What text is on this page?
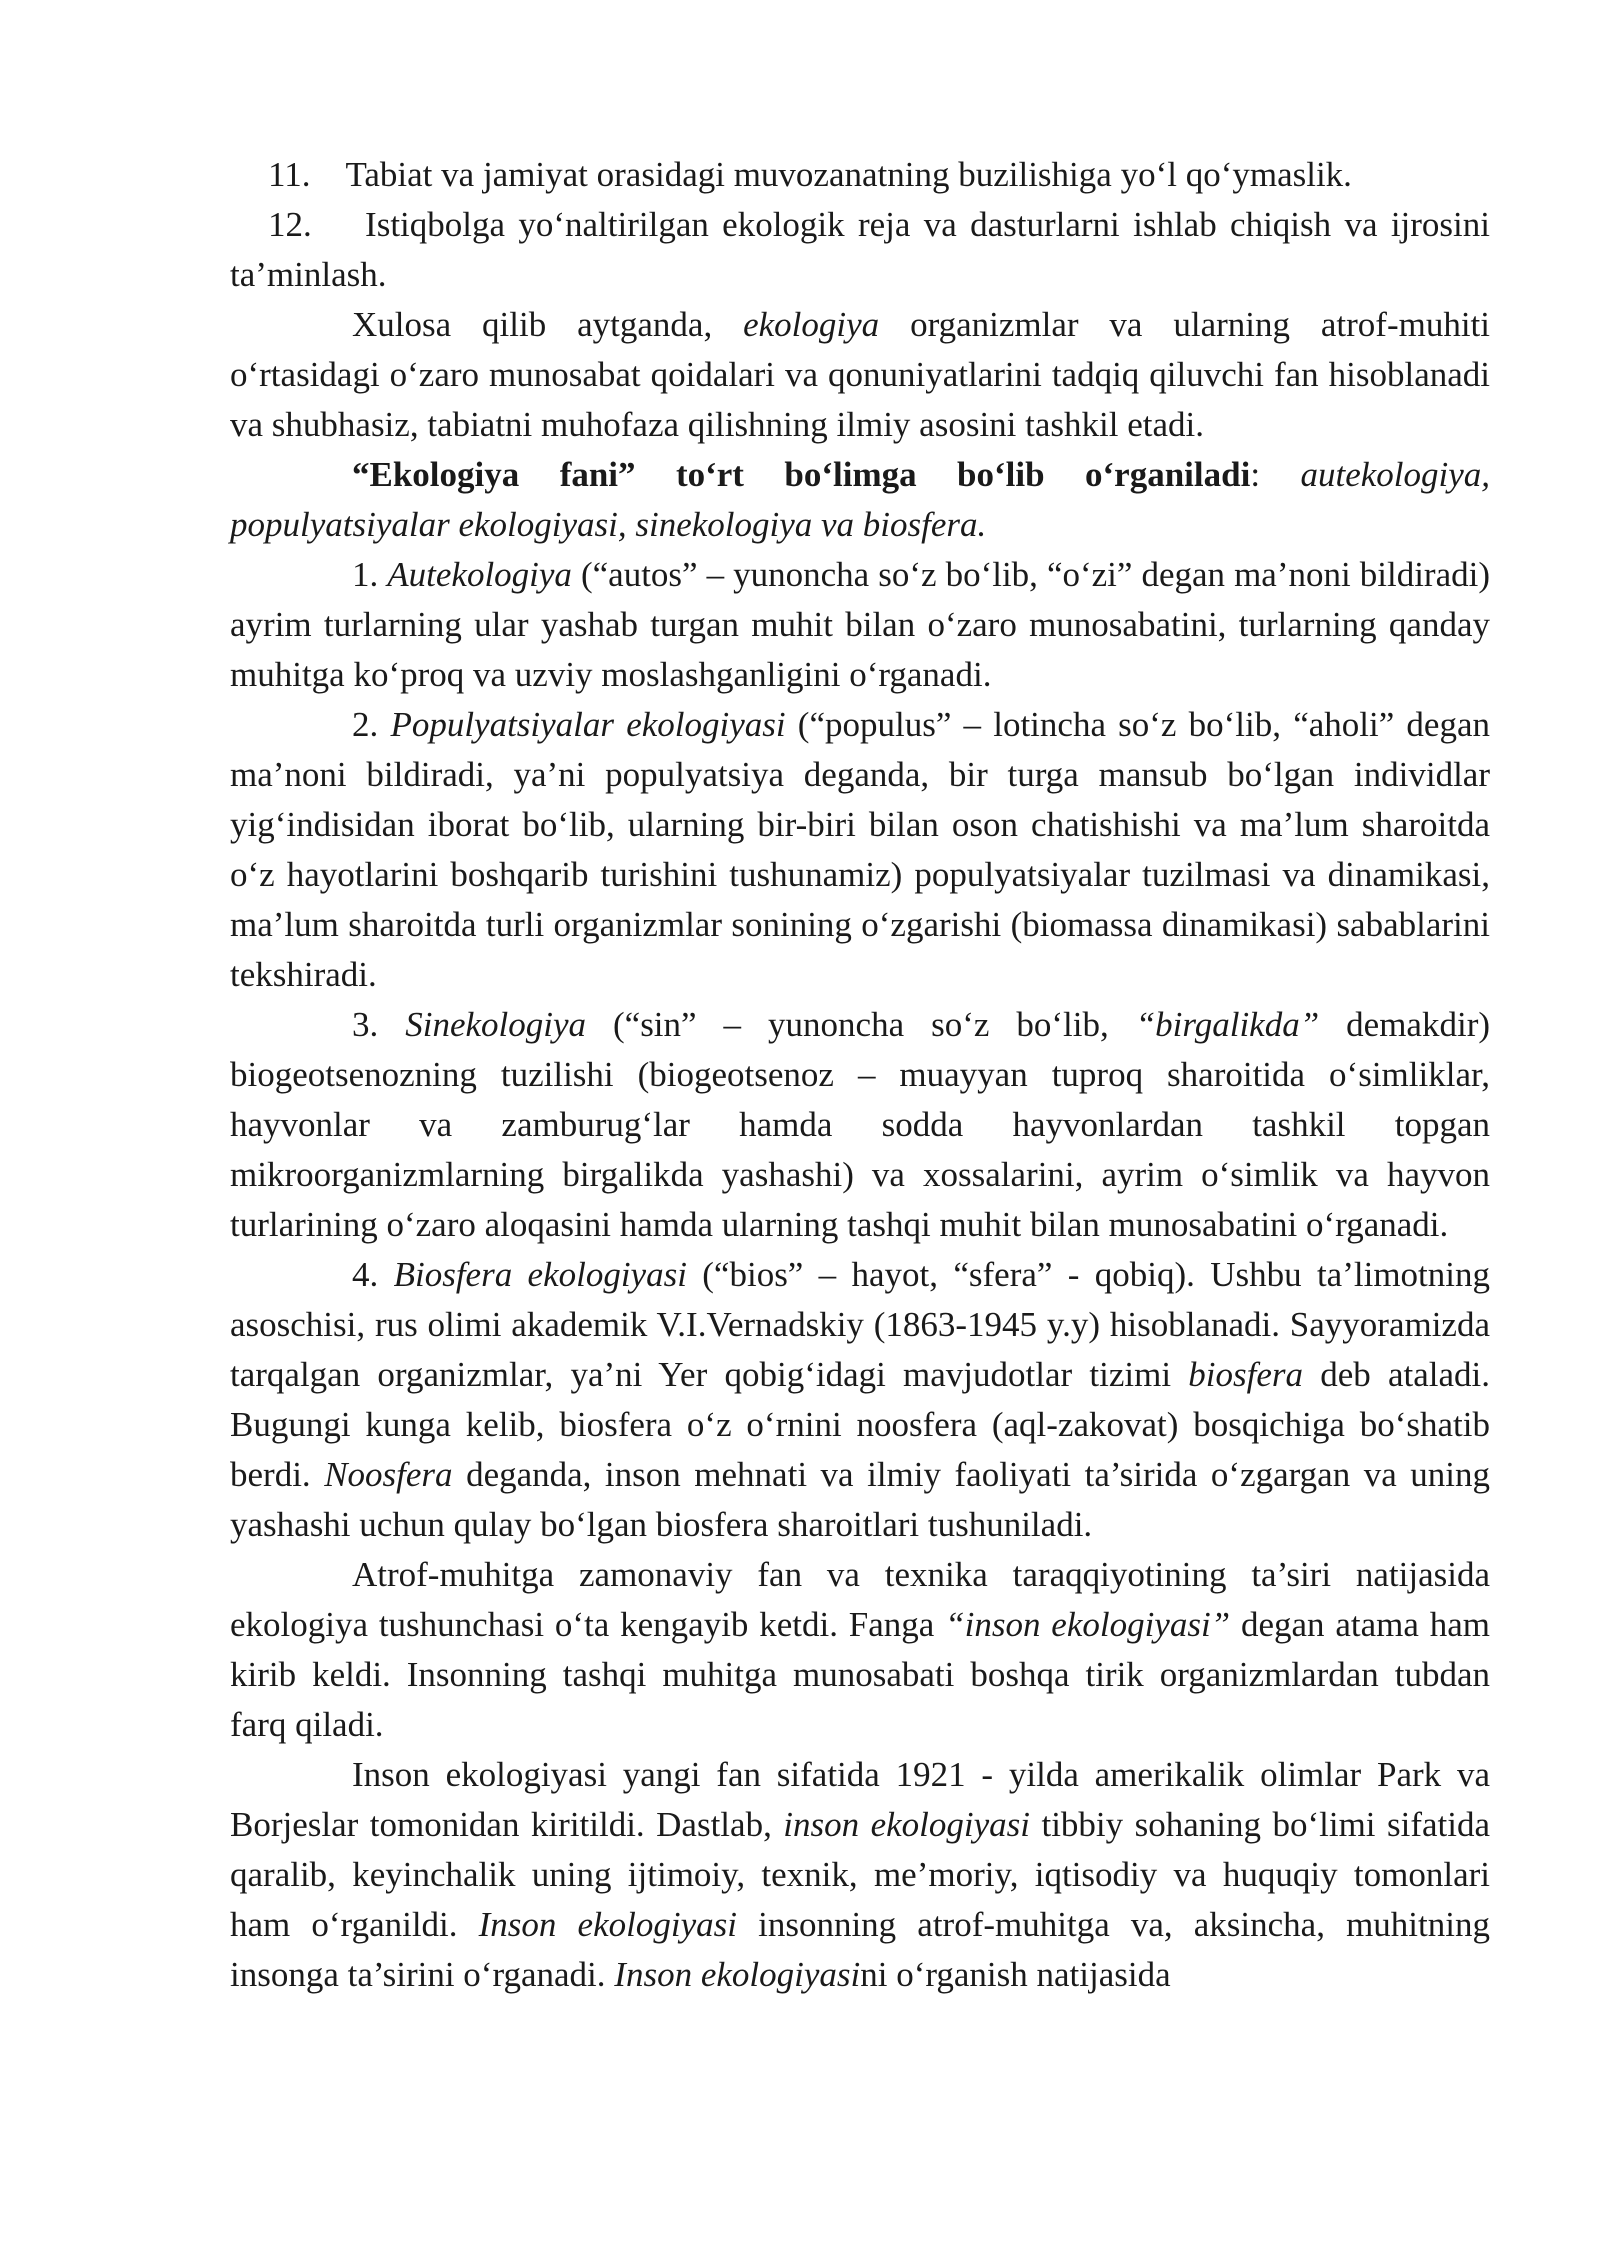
11. Tabiat va jamiyat orasidagi muvozanatning buzilishiga yo‘l qo‘ymaslik.

12. Istiqbolga yo‘naltirilgan ekologik reja va dasturlarni ishlab chiqish va ijrosini ta’minlash.

Xulosa qilib aytganda, ekologiya organizmlar va ularning atrof-muhiti o‘rtasidagi o‘zaro munosabat qoidalari va qonuniyatlarini tadqiq qiluvchi fan hisoblanadi va shubhasiz, tabiatni muhofaza qilishning ilmiy asosini tashkil etadi.

“Ekologiya fani” to‘rt bo‘limga bo‘lib o‘rganiladi: autekologiya, populyatsiyalar ekologiyasi, sinekologiya va biosfera.

1. Autekologiya (“autos” – yunoncha so‘z bo‘lib, “o‘zi” degan ma’noni bildiradi) ayrim turlarning ular yashab turgan muhit bilan o‘zaro munosabatini, turlarning qanday muhitga ko‘proq va uzviy moslashganligini o‘rganadi.

2. Populyatsiyalar ekologiyasi (“populus” – lotincha so‘z bo‘lib, “aholi” degan ma’noni bildiradi, ya’ni populyatsiya deganda, bir turga mansub bo‘lgan individlar yig‘indisidan iborat bo‘lib, ularning bir-biri bilan oson chatishishi va ma’lum sharoitda o‘z hayotlarini boshqarib turishini tushunamiz) populyatsiyalar tuzilmasi va dinamikasi, ma’lum sharoitda turli organizmlar sonining o‘zgarishi (biomassa dinamikasi) sabablarini tekshiradi.

3. Sinekologiya (“sin” – yunoncha so‘z bo‘lib, “birgalikda” demakdir) biogeotsenozning tuzilishi (biogeotsenoz – muayyan tuproq sharoitida o‘simliklar, hayvonlar va zamburug‘lar hamda sodda hayvonlardan tashkil topgan mikroorganizmlarning birgalikda yashashi) va xossalarini, ayrim o‘simlik va hayvon turlarining o‘zaro aloqasini hamda ularning tashqi muhit bilan munosabatini o‘rganadi.

4. Biosfera ekologiyasi (“bios” – hayot, “sfera” - qobiq). Ushbu ta’limotning asoschisi, rus olimi akademik V.I.Vernadskiy (1863-1945 y.y) hisoblanadi. Sayyoramizda tarqalgan organizmlar, ya’ni Yer qobig‘idagi mavjudotlar tizimi biosfera deb ataladi. Bugungi kunga kelib, biosfera o‘z o‘rnini noosfera (aql-zakovat) bosqichiga bo‘shatib berdi. Noosfera deganda, inson mehnati va ilmiy faoliyati ta’sirida o‘zgargan va uning yashashi uchun qulay bo‘lgan biosfera sharoitlari tushuniladi.

Atrof-muhitga zamonaviy fan va texnika taraqqiyotining ta’siri natijasida ekologiya tushunchasi o‘ta kengayib ketdi. Fanga “inson ekologiyasi” degan atama ham kirib keldi. Insonning tashqi muhitga munosabati boshqa tirik organizmlardan tubdan farq qiladi.

Inson ekologiyasi yangi fan sifatida 1921 - yilda amerikalik olimlar Park va Borjeslar tomonidan kiritildi. Dastlab, inson ekologiyasi tibbiy sohaning bo‘limi sifatida qaralib, keyinchalik uning ijtimoiy, texnik, me’moriy, iqtisodiy va huquqiy tomonlari ham o‘rganildi. Inson ekologiyasi insonning atrof-muhitga va, aksincha, muhitning insonga ta’sirini o‘rganadi. Inson ekologiyasini o‘rganish natijasida
